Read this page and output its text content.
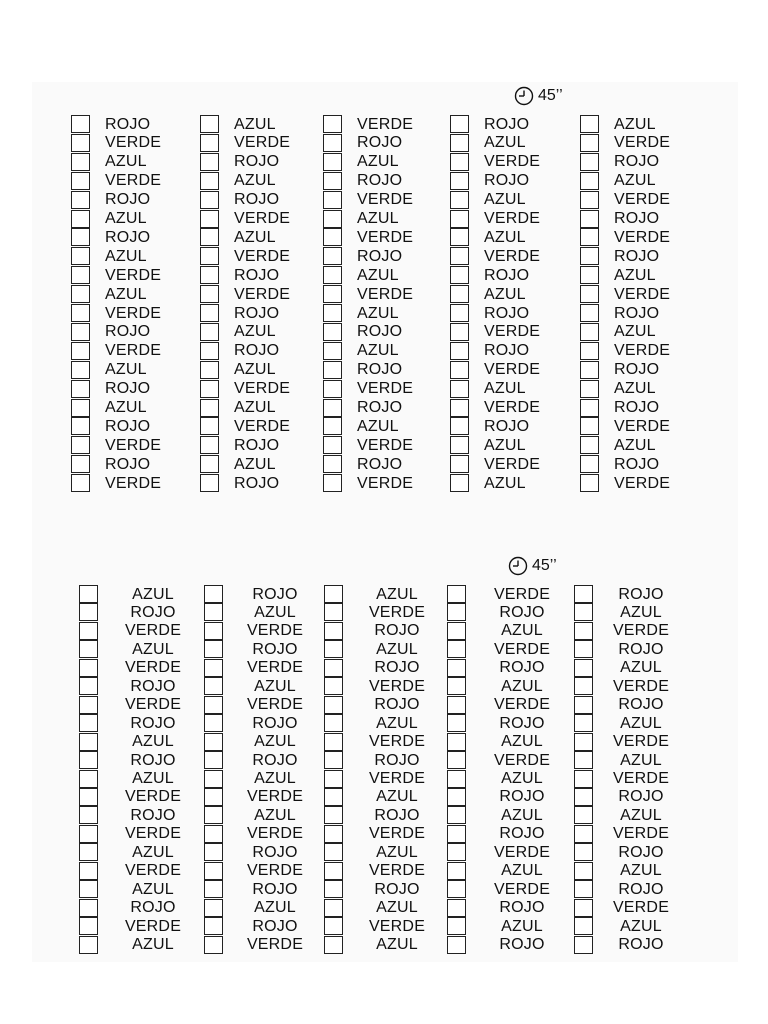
45’’
ROJO
VERDE
AZUL
VERDE
ROJO
AZUL
ROJO
AZUL
VERDE
AZUL
VERDE
ROJO
VERDE
AZUL
ROJO
AZUL
ROJO
VERDE
ROJO
VERDE
AZUL
VERDE
ROJO
AZUL
ROJO
VERDE
AZUL
VERDE
ROJO
VERDE
ROJO
AZUL
ROJO
AZUL
VERDE
AZUL
VERDE
ROJO
AZUL
ROJO
VERDE
ROJO
AZUL
ROJO
VERDE
AZUL
VERDE
ROJO
AZUL
VERDE
AZUL
ROJO
AZUL
ROJO
VERDE
ROJO
AZUL
VERDE
ROJO
VERDE
ROJO
AZUL
VERDE
ROJO
AZUL
VERDE
AZUL
VERDE
ROJO
AZUL
ROJO
VERDE
ROJO
VERDE
AZUL
VERDE
ROJO
AZUL
VERDE
AZUL
AZUL
VERDE
ROJO
AZUL
VERDE
ROJO
VERDE
ROJO
AZUL
VERDE
ROJO
AZUL
VERDE
ROJO
AZUL
ROJO
VERDE
AZUL
ROJO
VERDE
45’’
AZUL
ROJO
VERDE
AZUL
VERDE
ROJO
VERDE
ROJO
AZUL
ROJO
AZUL
VERDE
ROJO
VERDE
AZUL
VERDE
AZUL
ROJO
VERDE
AZUL
ROJO
AZUL
VERDE
ROJO
VERDE
AZUL
VERDE
ROJO
AZUL
ROJO
AZUL
VERDE
AZUL
VERDE
ROJO
VERDE
ROJO
AZUL
ROJO
VERDE
AZUL
VERDE
ROJO
AZUL
ROJO
VERDE
ROJO
AZUL
VERDE
ROJO
VERDE
AZUL
ROJO
VERDE
AZUL
VERDE
ROJO
AZUL
VERDE
AZUL
VERDE
ROJO
AZUL
VERDE
ROJO
AZUL
VERDE
ROJO
AZUL
VERDE
AZUL
ROJO
AZUL
ROJO
VERDE
AZUL
VERDE
ROJO
AZUL
ROJO
ROJO
AZUL
VERDE
ROJO
AZUL
VERDE
ROJO
AZUL
VERDE
AZUL
VERDE
ROJO
AZUL
VERDE
ROJO
AZUL
ROJO
VERDE
AZUL
ROJO
